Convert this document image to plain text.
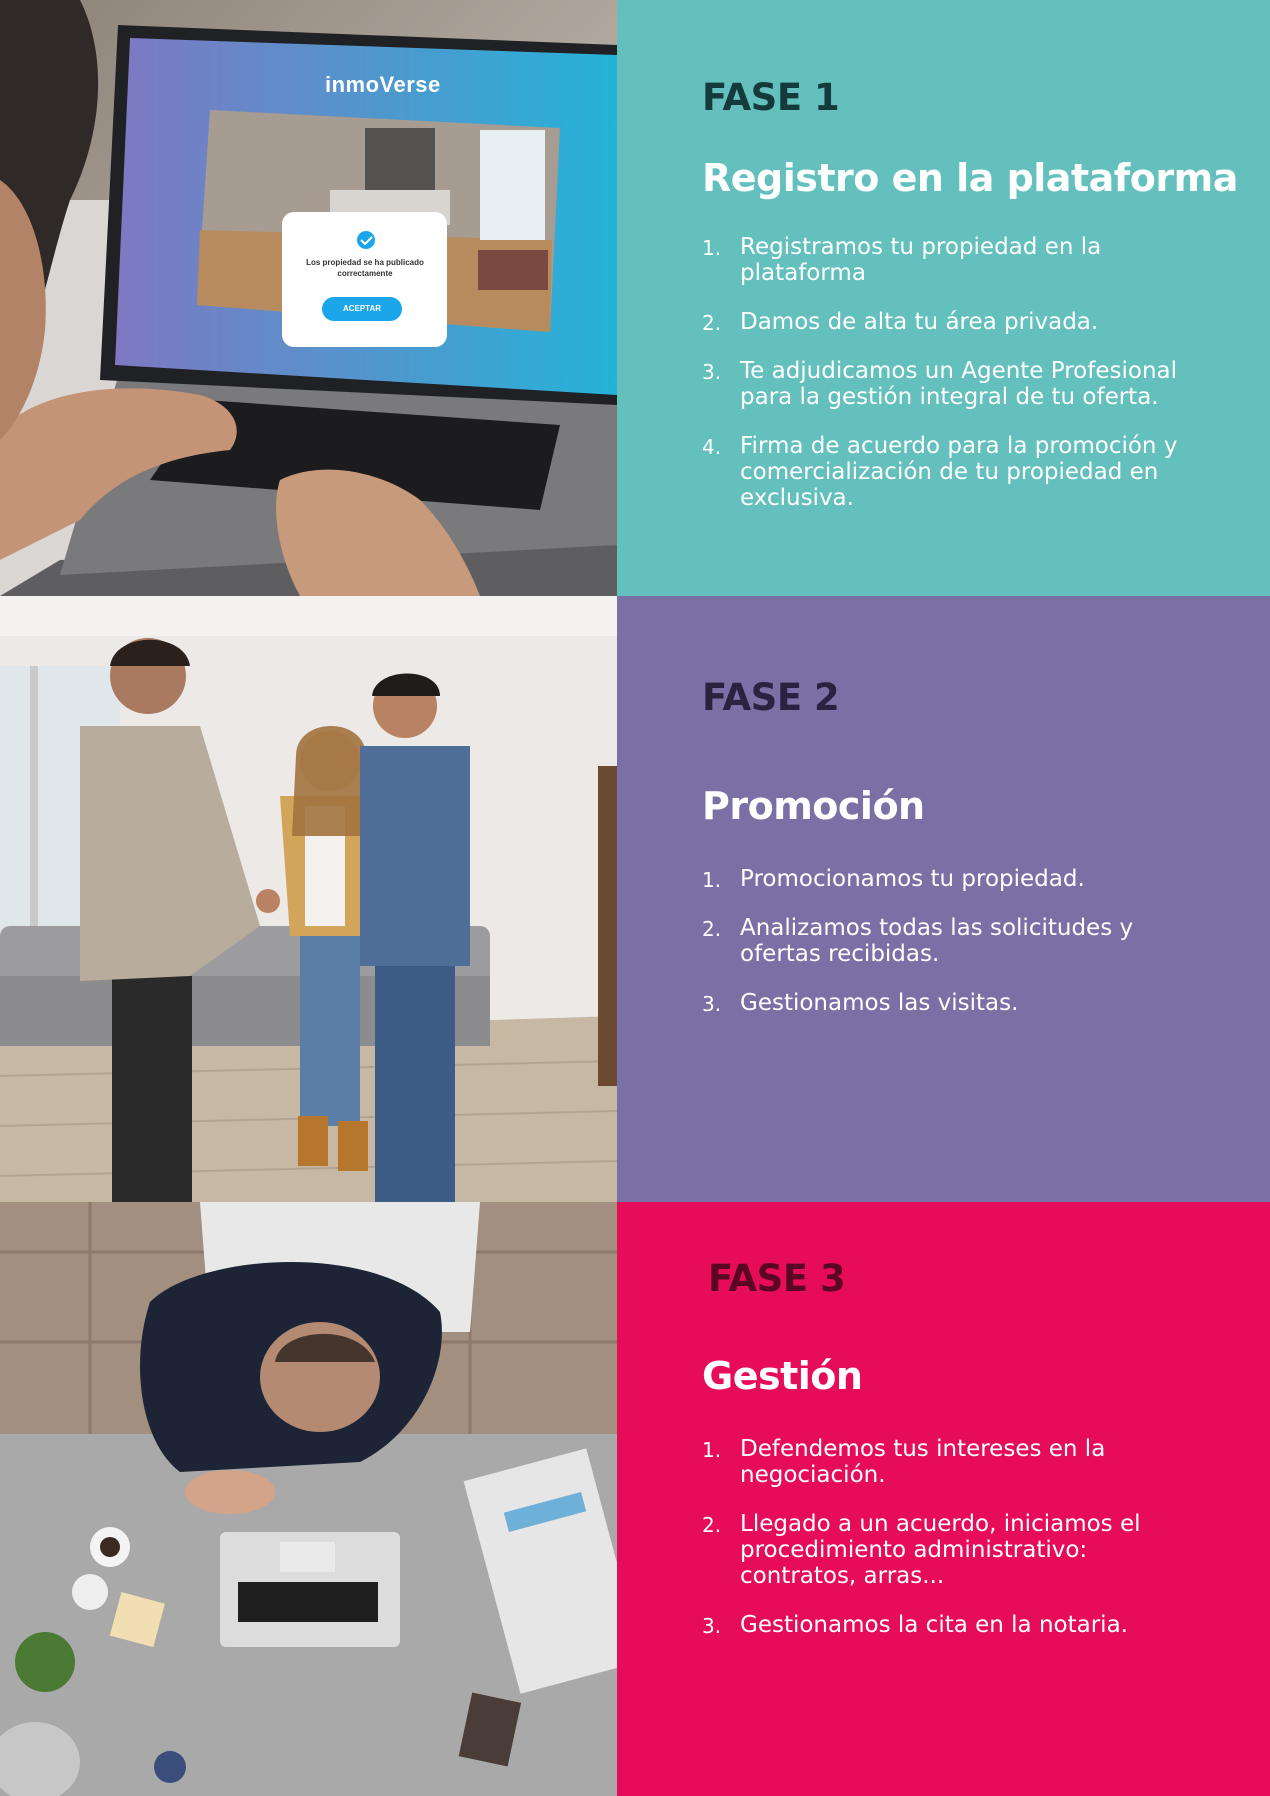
inmoVerse
Los propiedad se ha publicado correctamente
ACEPTAR
FASE 1
Registro en la plataforma
1. Registramos tu propiedad en la plataforma
2. Damos de alta tu área privada.
3. Te adjudicamos un Agente Profesional para la gestión integral de tu oferta.
4. Firma de acuerdo para la promoción y comercialización de tu propiedad en exclusiva.
FASE 2
Promoción
1. Promocionamos tu propiedad.
2. Analizamos todas las solicitudes y ofertas recibidas.
3. Gestionamos las visitas.
FASE 3
Gestión
1. Defendemos tus intereses en la negociación.
2. Llegado a un acuerdo, iniciamos el procedimiento administrativo: contratos, arras...
3. Gestionamos la cita en la notaria.
